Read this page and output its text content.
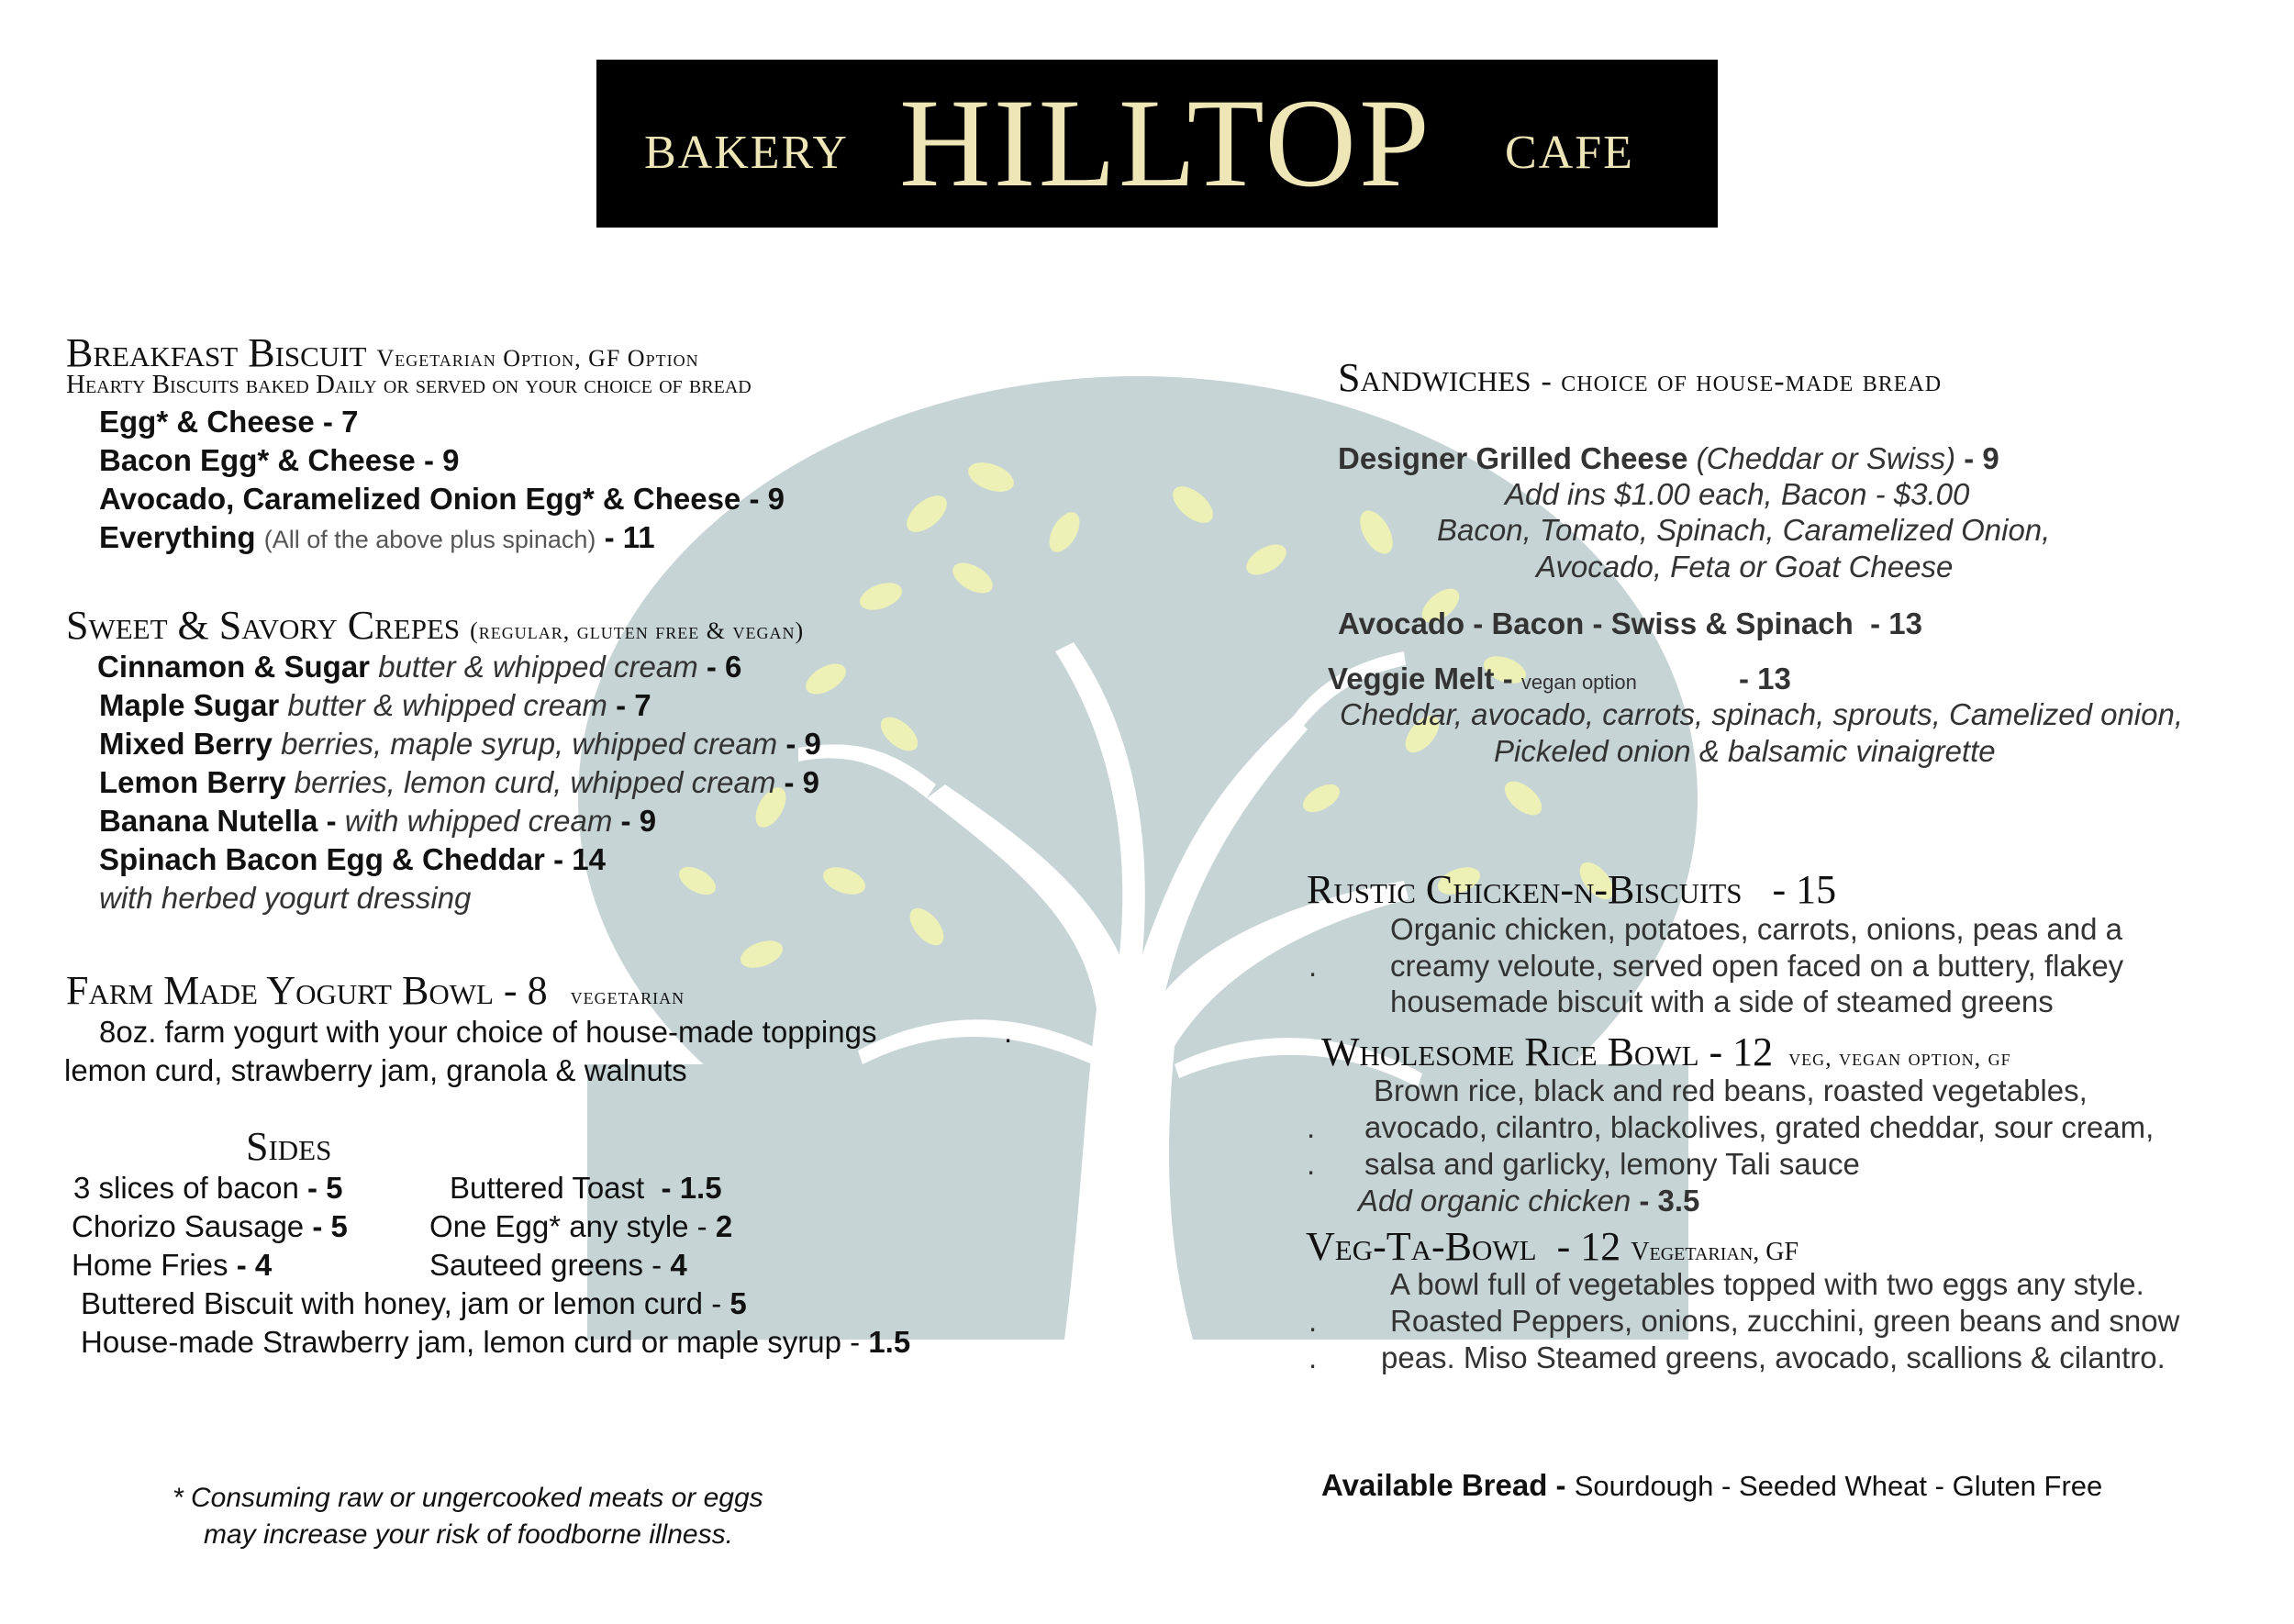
BAKERY HILLTOP CAFE
Breakfast Biscuit Vegetarian Option, GF Option
Hearty Biscuits baked Daily or served on your choice of bread
Egg* & Cheese - 7
Bacon Egg* & Cheese - 9
Avocado, Caramelized Onion Egg* & Cheese - 9
Everything (All of the above plus spinach) - 11
Sweet & Savory Crepes (regular, gluten free & vegan)
Cinnamon & Sugar butter & whipped cream - 6
Maple Sugar butter & whipped cream - 7
Mixed Berry berries, maple syrup, whipped cream - 9
Lemon Berry berries, lemon curd, whipped cream - 9
Banana Nutella - with whipped cream - 9
Spinach Bacon Egg & Cheddar - 14
with herbed yogurt dressing
Farm Made Yogurt Bowl - 8 vegetarian
8oz. farm yogurt with your choice of house-made toppings	.
lemon curd, strawberry jam, granola & walnuts
Sides
3 slices of bacon - 5	Buttered Toast - 1.5
Chorizo Sausage - 5	One Egg* any style - 2
Home Fries - 4	Sauteed greens - 4
Buttered Biscuit with honey, jam or lemon curd - 5
House-made Strawberry jam, lemon curd or maple syrup - 1.5
* Consuming raw or ungercooked meats or eggs
may increase your risk of foodborne illness.
Sandwiches - choice of house-made bread
Designer Grilled Cheese (Cheddar or Swiss) - 9
Add ins $1.00 each, Bacon - $3.00
Bacon, Tomato, Spinach, Caramelized Onion,
Avocado, Feta or Goat Cheese
Avocado - Bacon - Swiss & Spinach - 13
Veggie Melt - vegan option	- 13
Cheddar, avocado, carrots, spinach, sprouts, Camelized onion,
Pickeled onion & balsamic vinaigrette
Rustic Chicken-n-Biscuits - 15
Organic chicken, potatoes, carrots, onions, peas and a
. creamy veloute, served open faced on a buttery, flakey
housemade biscuit with a side of steamed greens
Wholesome Rice Bowl - 12 veg, vegan option, gf
Brown rice, black and red beans, roasted vegetables,
. avocado, cilantro, blackolives, grated cheddar, sour cream,
. salsa and garlicky, lemony Tali sauce
Add organic chicken - 3.5
Veg-Ta-Bowl - 12 Vegetarian, GF
A bowl full of vegetables topped with two eggs any style.
. Roasted Peppers, onions, zucchini, green beans and snow
. peas. Miso Steamed greens, avocado, scallions & cilantro.
Available Bread - Sourdough - Seeded Wheat - Gluten Free
